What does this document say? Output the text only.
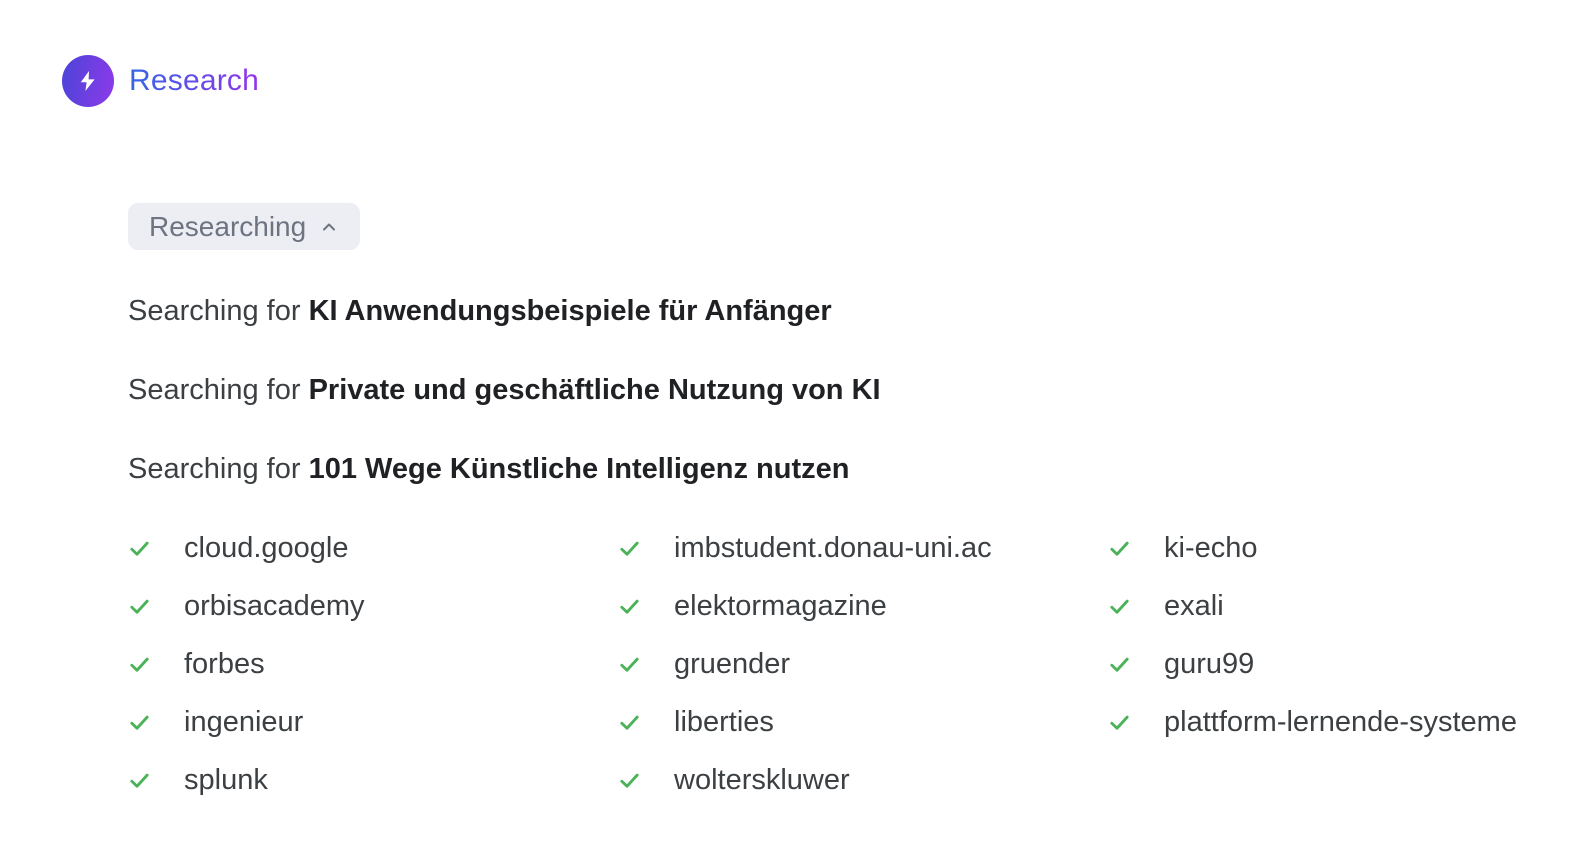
Research
Researching

Searching for KI Anwendungsbeispiele für Anfänger

Searching for Private und geschäftliche Nutzung von KI

Searching for 101 Wege Künstliche Intelligenz nutzen

cloud.google
orbisacademy
forbes
ingenieur
splunk
imbstudent.donau-uni.ac
elektormagazine
gruender
liberties
wolterskluwer
ki-echo
exali
guru99
plattform-lernende-systeme
